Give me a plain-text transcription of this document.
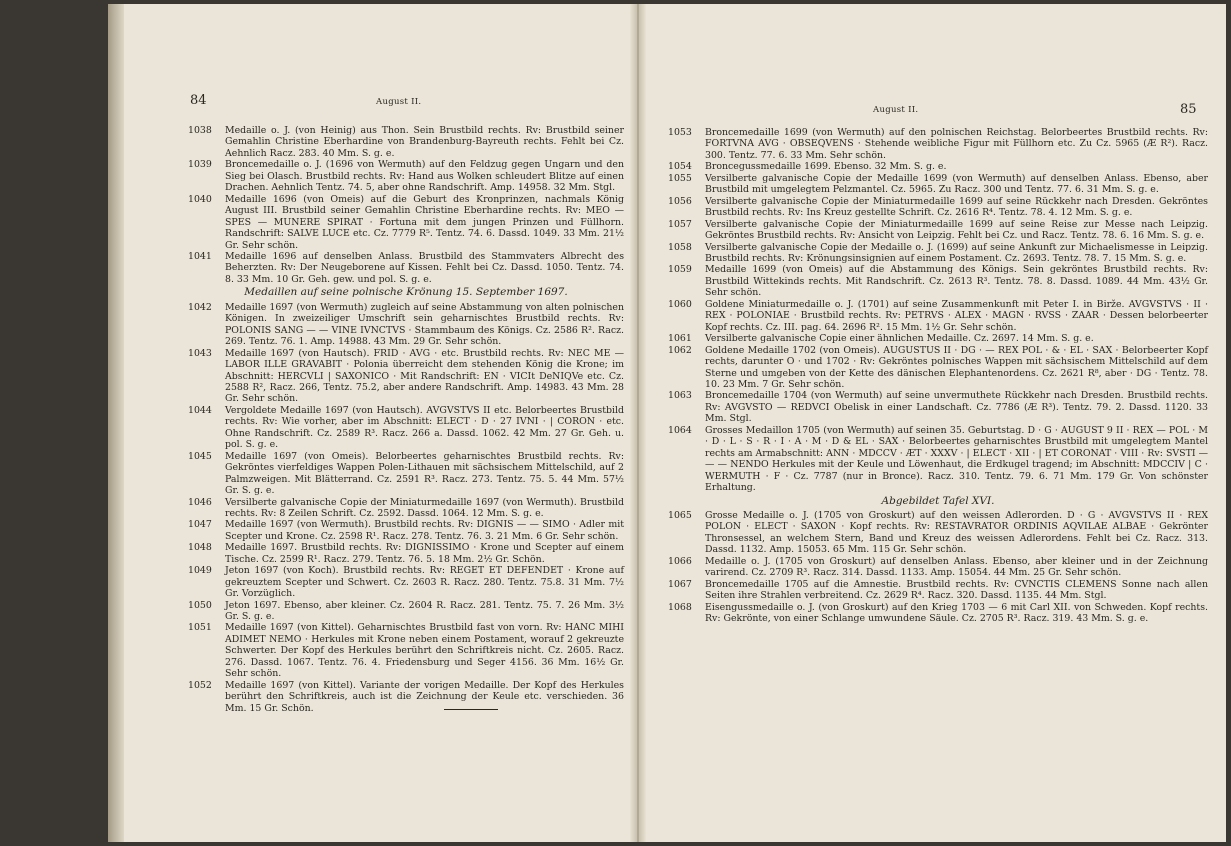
84	August II.
1038	Medaille o. J. (von Heinig) aus Thon. Sein Brustbild rechts. Rv: Brustbild seiner Gemahlin Christine Eberhardine von Brandenburg-Bayreuth rechts. Fehlt bei Cz. Aehnlich Racz. 283. 40 Mm. S. g. e.
1039	Broncemedaille o. J. (1696 von Wermuth) auf den Feldzug gegen Ungarn und den Sieg bei Olasch. Brustbild rechts. Rv: Hand aus Wolken schleudert Blitze auf einen Drachen. Aehnlich Tentz. 74. 5, aber ohne Randschrift. Amp. 14958. 32 Mm. Stgl.
1040	Medaille 1696 (von Omeis) auf die Geburt des Kronprinzen, nachmals König August III. Brustbild seiner Gemahlin Christine Eberhardine rechts. Rv: MEO — SPES — MUNERE SPIRAT · Fortuna mit dem jungen Prinzen und Füllhorn. Randschrift: SALVE LUCE etc. Cz. 7779 R⁵. Tentz. 74. 6. Dassd. 1049. 33 Mm. 21½ Gr. Sehr schön.
1041	Medaille 1696 auf denselben Anlass. Brustbild des Stammvaters Albrecht des Beherzten. Rv: Der Neugeborene auf Kissen. Fehlt bei Cz. Dassd. 1050. Tentz. 74. 8. 33 Mm. 10 Gr. Geh. gew. und pol. S. g. e.
Medaillen auf seine polnische Krönung 15. September 1697.
1042	Medaille 1697 (von Wermuth) zugleich auf seine Abstammung von alten polnischen Königen. In zweizeiliger Umschrift sein geharnischtes Brustbild rechts. Rv: POLONIS SANG — — VINE IVNCTVS · Stammbaum des Königs. Cz. 2586 R². Racz. 269. Tentz. 76. 1. Amp. 14988. 43 Mm. 29 Gr. Sehr schön.
1043	Medaille 1697 (von Hautsch). FRID · AVG · etc. Brustbild rechts. Rv: NEC ME — LABOR ILLE GRAVABIT · Polonia überreicht dem stehenden König die Krone; im Abschnitt: HERCVLI | SAXONICO · Mit Randschrift: EN · VICIt DeNIQVe etc. Cz. 2588 R², Racz. 266, Tentz. 75.2, aber andere Randschrift. Amp. 14983. 43 Mm. 28 Gr. Sehr schön.
1044	Vergoldete Medaille 1697 (von Hautsch). AVGVSTVS II etc. Belorbeertes Brustbild rechts. Rv: Wie vorher, aber im Abschnitt: ELECT · D · 27 IVNI · | CORON · etc. Ohne Randschrift. Cz. 2589 R³. Racz. 266 a. Dassd. 1062. 42 Mm. 27 Gr. Geh. u. pol. S. g. e.
1045	Medaille 1697 (von Omeis). Belorbeertes geharnischtes Brustbild rechts. Rv: Gekröntes vierfeldiges Wappen Polen-Lithauen mit sächsischem Mittelschild, auf 2 Palmzweigen. Mit Blätterrand. Cz. 2591 R³. Racz. 273. Tentz. 75. 5. 44 Mm. 57½ Gr. S. g. e.
1046	Versilberte galvanische Copie der Miniaturmedaille 1697 (von Wermuth). Brustbild rechts. Rv: 8 Zeilen Schrift. Cz. 2592. Dassd. 1064. 12 Mm. S. g. e.
1047	Medaille 1697 (von Wermuth). Brustbild rechts. Rv: DIGNIS — — SIMO · Adler mit Scepter und Krone. Cz. 2598 R¹. Racz. 278. Tentz. 76. 3. 21 Mm. 6 Gr. Sehr schön.
1048	Medaille 1697. Brustbild rechts. Rv: DIGNISSIMO · Krone und Scepter auf einem Tische. Cz. 2599 R¹. Racz. 279. Tentz. 76. 5. 18 Mm. 2½ Gr. Schön.
1049	Jeton 1697 (von Koch). Brustbild rechts. Rv: REGET ET DEFENDET · Krone auf gekreuztem Scepter und Schwert. Cz. 2603 R. Racz. 280. Tentz. 75.8. 31 Mm. 7½ Gr. Vorzüglich.
1050	Jeton 1697. Ebenso, aber kleiner. Cz. 2604 R. Racz. 281. Tentz. 75. 7. 26 Mm. 3½ Gr. S. g. e.
1051	Medaille 1697 (von Kittel). Geharnischtes Brustbild fast von vorn. Rv: HANC MIHI ADIMET NEMO · Herkules mit Krone neben einem Postament, worauf 2 gekreuzte Schwerter. Der Kopf des Herkules berührt den Schriftkreis nicht. Cz. 2605. Racz. 276. Dassd. 1067. Tentz. 76. 4. Friedensburg und Seger 4156. 36 Mm. 16½ Gr. Sehr schön.
1052	Medaille 1697 (von Kittel). Variante der vorigen Medaille. Der Kopf des Herkules berührt den Schriftkreis, auch ist die Zeichnung der Keule etc. verschieden. 36 Mm. 15 Gr. Schön.
85
August II.
1053	Broncemedaille 1699 (von Wermuth) auf den polnischen Reichstag. Belorbeertes Brustbild rechts. Rv: FORTVNA AVG · OBSEQVENS · Stehende weibliche Figur mit Füllhorn etc. Zu Cz. 5965 (Æ R²). Racz. 300. Tentz. 77. 6. 33 Mm. Sehr schön.
1054	Broncegussmedaille 1699. Ebenso. 32 Mm. S. g. e.
1055	Versilberte galvanische Copie der Medaille 1699 (von Wermuth) auf denselben Anlass. Ebenso, aber Brustbild mit umgelegtem Pelzmantel. Cz. 5965. Zu Racz. 300 und Tentz. 77. 6. 31 Mm. S. g. e.
1056	Versilberte galvanische Copie der Miniaturmedaille 1699 auf seine Rückkehr nach Dresden. Gekröntes Brustbild rechts. Rv: Ins Kreuz gestellte Schrift. Cz. 2616 R⁴. Tentz. 78. 4. 12 Mm. S. g. e.
1057	Versilberte galvanische Copie der Miniaturmedaille 1699 auf seine Reise zur Messe nach Leipzig. Gekröntes Brustbild rechts. Rv: Ansicht von Leipzig. Fehlt bei Cz. und Racz. Tentz. 78. 6. 16 Mm. S. g. e.
1058	Versilberte galvanische Copie der Medaille o. J. (1699) auf seine Ankunft zur Michaelismesse in Leipzig. Brustbild rechts. Rv: Krönungsinsignien auf einem Postament. Cz. 2693. Tentz. 78. 7. 15 Mm. S. g. e.
1059	Medaille 1699 (von Omeis) auf die Abstammung des Königs. Sein gekröntes Brustbild rechts. Rv: Brustbild Wittekinds rechts. Mit Randschrift. Cz. 2613 R³. Tentz. 78. 8. Dassd. 1089. 44 Mm. 43½ Gr. Sehr schön.
1060	Goldene Miniaturmedaille o. J. (1701) auf seine Zusammenkunft mit Peter I. in Birže. AVGVSTVS · II · REX · POLONIAE · Brustbild rechts. Rv: PETRVS · ALEX · MAGN · RVSS · ZAAR · Dessen belorbeerter Kopf rechts. Cz. III. pag. 64. 2696 R². 15 Mm. 1½ Gr. Sehr schön.
1061	Versilberte galvanische Copie einer ähnlichen Medaille. Cz. 2697. 14 Mm. S. g. e.
1062	Goldene Medaille 1702 (von Omeis). AUGUSTUS II · DG · — REX POL · & · EL · SAX · Belorbeerter Kopf rechts, darunter O · und 1702 · Rv: Gekröntes polnisches Wappen mit sächsischem Mittelschild auf dem Sterne und umgeben von der Kette des dänischen Elephantenordens. Cz. 2621 R⁸, aber · DG · Tentz. 78. 10. 23 Mm. 7 Gr. Sehr schön.
1063	Broncemedaille 1704 (von Wermuth) auf seine unvermuthete Rückkehr nach Dresden. Brustbild rechts. Rv: AVGVSTO — REDVCI Obelisk in einer Landschaft. Cz. 7786 (Æ R³). Tentz. 79. 2. Dassd. 1120. 33 Mm. Stgl.
1064	Grosses Medaillon 1705 (von Wermuth) auf seinen 35. Geburtstag. D · G · AUGUST 9 II · REX — POL · M · D · L · S · R · I · A · M · D & EL · SAX · Belorbeertes geharnischtes Brustbild mit umgelegtem Mantel rechts am Armabschnitt: ANN · MDCCV · ÆT · XXXV · | ELECT · XII · | ET CORONAT · VIII · Rv: SVSTI — — — NENDO Herkules mit der Keule und Löwenhaut, die Erdkugel tragend; im Abschnitt: MDCCIV | C · WERMUTH · F · Cz. 7787 (nur in Bronce). Racz. 310. Tentz. 79. 6. 71 Mm. 179 Gr. Von schönster Erhaltung.
Abgebildet Tafel XVI.
1065	Grosse Medaille o. J. (1705 von Groskurt) auf den weissen Adlerorden. D · G · AVGVSTVS II · REX POLON · ELECT · SAXON · Kopf rechts. Rv: RESTAVRATOR ORDINIS AQVILAE ALBAE · Gekrönter Thronsessel, an welchem Stern, Band und Kreuz des weissen Adlerordens. Fehlt bei Cz. Racz. 313. Dassd. 1132. Amp. 15053. 65 Mm. 115 Gr. Sehr schön.
1066	Medaille o. J. (1705 von Groskurt) auf denselben Anlass. Ebenso, aber kleiner und in der Zeichnung varirend. Cz. 2709 R³. Racz. 314. Dassd. 1133. Amp. 15054. 44 Mm. 25 Gr. Sehr schön.
1067	Broncemedaille 1705 auf die Amnestie. Brustbild rechts. Rv: CVNCTIS CLEMENS Sonne nach allen Seiten ihre Strahlen verbreitend. Cz. 2629 R⁴. Racz. 320. Dassd. 1135. 44 Mm. Stgl.
1068	Eisengussmedaille o. J. (von Groskurt) auf den Krieg 1703 — 6 mit Carl XII. von Schweden. Kopf rechts. Rv: Gekrönte, von einer Schlange umwundene Säule. Cz. 2705 R³. Racz. 319. 43 Mm. S. g. e.
